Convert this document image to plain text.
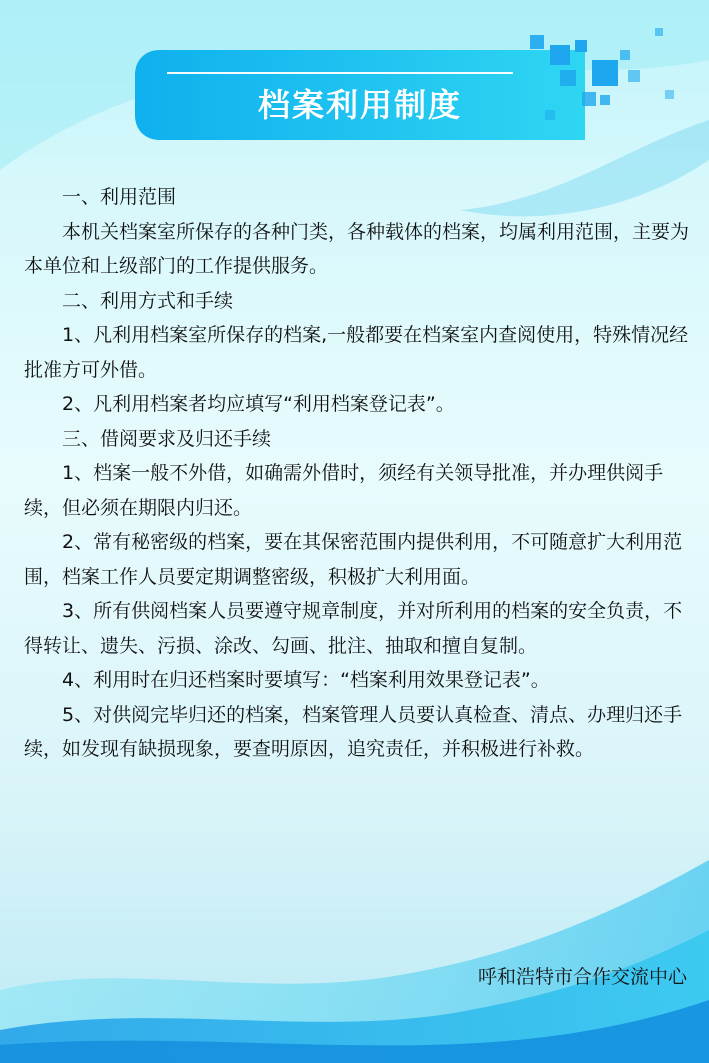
档案利用制度

一、利用范围

本机关档案室所保存的各种门类，各种载体的档案，均属利用范围，主要为本单位和上级部门的工作提供服务。

二、利用方式和手续

1、凡利用档案室所保存的档案,一般都要在档案室内查阅使用，特殊情况经批准方可外借。

2、凡利用档案者均应填写“利用档案登记表”。

三、借阅要求及归还手续

1、档案一般不外借，如确需外借时，须经有关领导批准，并办理供阅手续，但必须在期限内归还。

2、常有秘密级的档案，要在其保密范围内提供利用，不可随意扩大利用范围，档案工作人员要定期调整密级，积极扩大利用面。

3、所有供阅档案人员要遵守规章制度，并对所利用的档案的安全负责，不得转让、遗失、污损、涂改、勾画、批注、抽取和擅自复制。

4、利用时在归还档案时要填写：“档案利用效果登记表”。

5、对供阅完毕归还的档案，档案管理人员要认真检查、清点、办理归还手续，如发现有缺损现象，要查明原因，追究责任，并积极进行补救。

呼和浩特市合作交流中心
